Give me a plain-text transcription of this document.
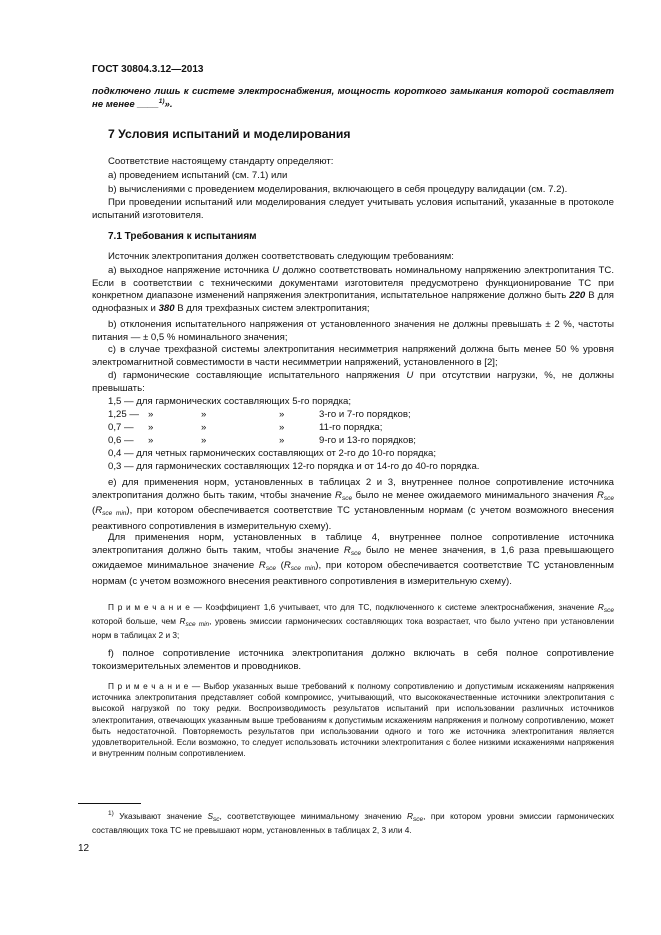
ГОСТ 30804.3.12—2013
подключено лишь к системе электроснабжения, мощность короткого замыкания которой составляет не менее ____$^{1)}$».
7 Условия испытаний и моделирования
Соответствие настоящему стандарту определяют:
а) проведением испытаний (см. 7.1) или
b) вычислениями с проведением моделирования, включающего в себя процедуру валидации (см. 7.2).
При проведении испытаний или моделирования следует учитывать условия испытаний, указанные в протоколе испытаний изготовителя.
7.1 Требования к испытаниям
Источник электропитания должен соответствовать следующим требованиям:
а) выходное напряжение источника U должно соответствовать номинальному напряжению электропитания ТС. Если в соответствии с техническими документами изготовителя предусмотрено функционирование ТС при конкретном диапазоне изменений напряжения электропитания, испытательное напряжение должно быть 220 В для однофазных и 380 В для трехфазных систем электропитания;
b) отклонения испытательного напряжения от установленного значения не должны превышать ± 2 %, частоты питания — ± 0,5 % номинального значения;
с) в случае трехфазной системы электропитания несимметрия напряжений должна быть менее 50 % уровня электромагнитной совместимости в части несимметрии напряжений, установленного в [2];
d) гармонические составляющие испытательного напряжения U при отсутствии нагрузки, %, не должны превышать:
1,5 — для гармонических составляющих 5-го порядка;
1,25 — »	»	»	3-го и 7-го порядков;
0,7 — »	»	»	11-го порядка;
0,6 — »	»	»	9-го и 13-го порядков;
0,4 — для четных гармонических составляющих от 2-го до 10-го порядка;
0,3 — для гармонических составляющих 12-го порядка и от 14-го до 40-го порядка.
е) для применения норм, установленных в таблицах 2 и 3, внутреннее полное сопротивление источника электропитания должно быть таким, чтобы значение $R_{sce}$ было не менее ожидаемого минимального значения $R_{sce}$ $(R_{sce min})$, при котором обеспечивается соответствие ТС установленным нормам (с учетом возможного внесения реактивного сопротивления в измерительную схему).
Для применения норм, установленных в таблице 4, внутреннее полное сопротивление источника электропитания должно быть таким, чтобы значение $R_{sce}$ было не менее значения, в 1,6 раза превышающего ожидаемое минимальное значение $R_{sce}$ $(R_{sce min})$, при котором обеспечивается соответствие ТС установленным нормам (с учетом возможного внесения реактивного сопротивления в измерительную схему).
П р и м е ч а н и е — Коэффициент 1,6 учитывает, что для ТС, подключенного к системе электроснабжения, значение $R_{sce}$ которой больше, чем $R_{sce min}$, уровень эмиссии гармонических составляющих тока возрастает, что было учтено при установлении норм в таблицах 2 и 3;
f) полное сопротивление источника электропитания должно включать в себя полное сопротивление токоизмерительных элементов и проводников.
П р и м е ч а н и е — Выбор указанных выше требований к полному сопротивлению и допустимым искажениям напряжения источника электропитания представляет собой компромисс, учитывающий, что высококачественные источники электропитания с высокой нагрузкой по току редки. Воспроизводимость результатов испытаний при использовании различных источников электропитания, отвечающих указанным выше требованиям к допустимым искажениям напряжения и полному сопротивлению, может быть недостаточной. Повторяемость результатов при использовании одного и того же источника электропитания является удовлетворительной. Если возможно, то следует использовать источники электропитания с более низкими искажениями напряжения и внутренним полным сопротивлением.
$^{1)}$ Указывают значение $S_{sc}$, соответствующее минимальному значению $R_{sce}$, при котором уровни эмиссии гармонических составляющих тока ТС не превышают норм, установленных в таблицах 2, 3 или 4.
12
